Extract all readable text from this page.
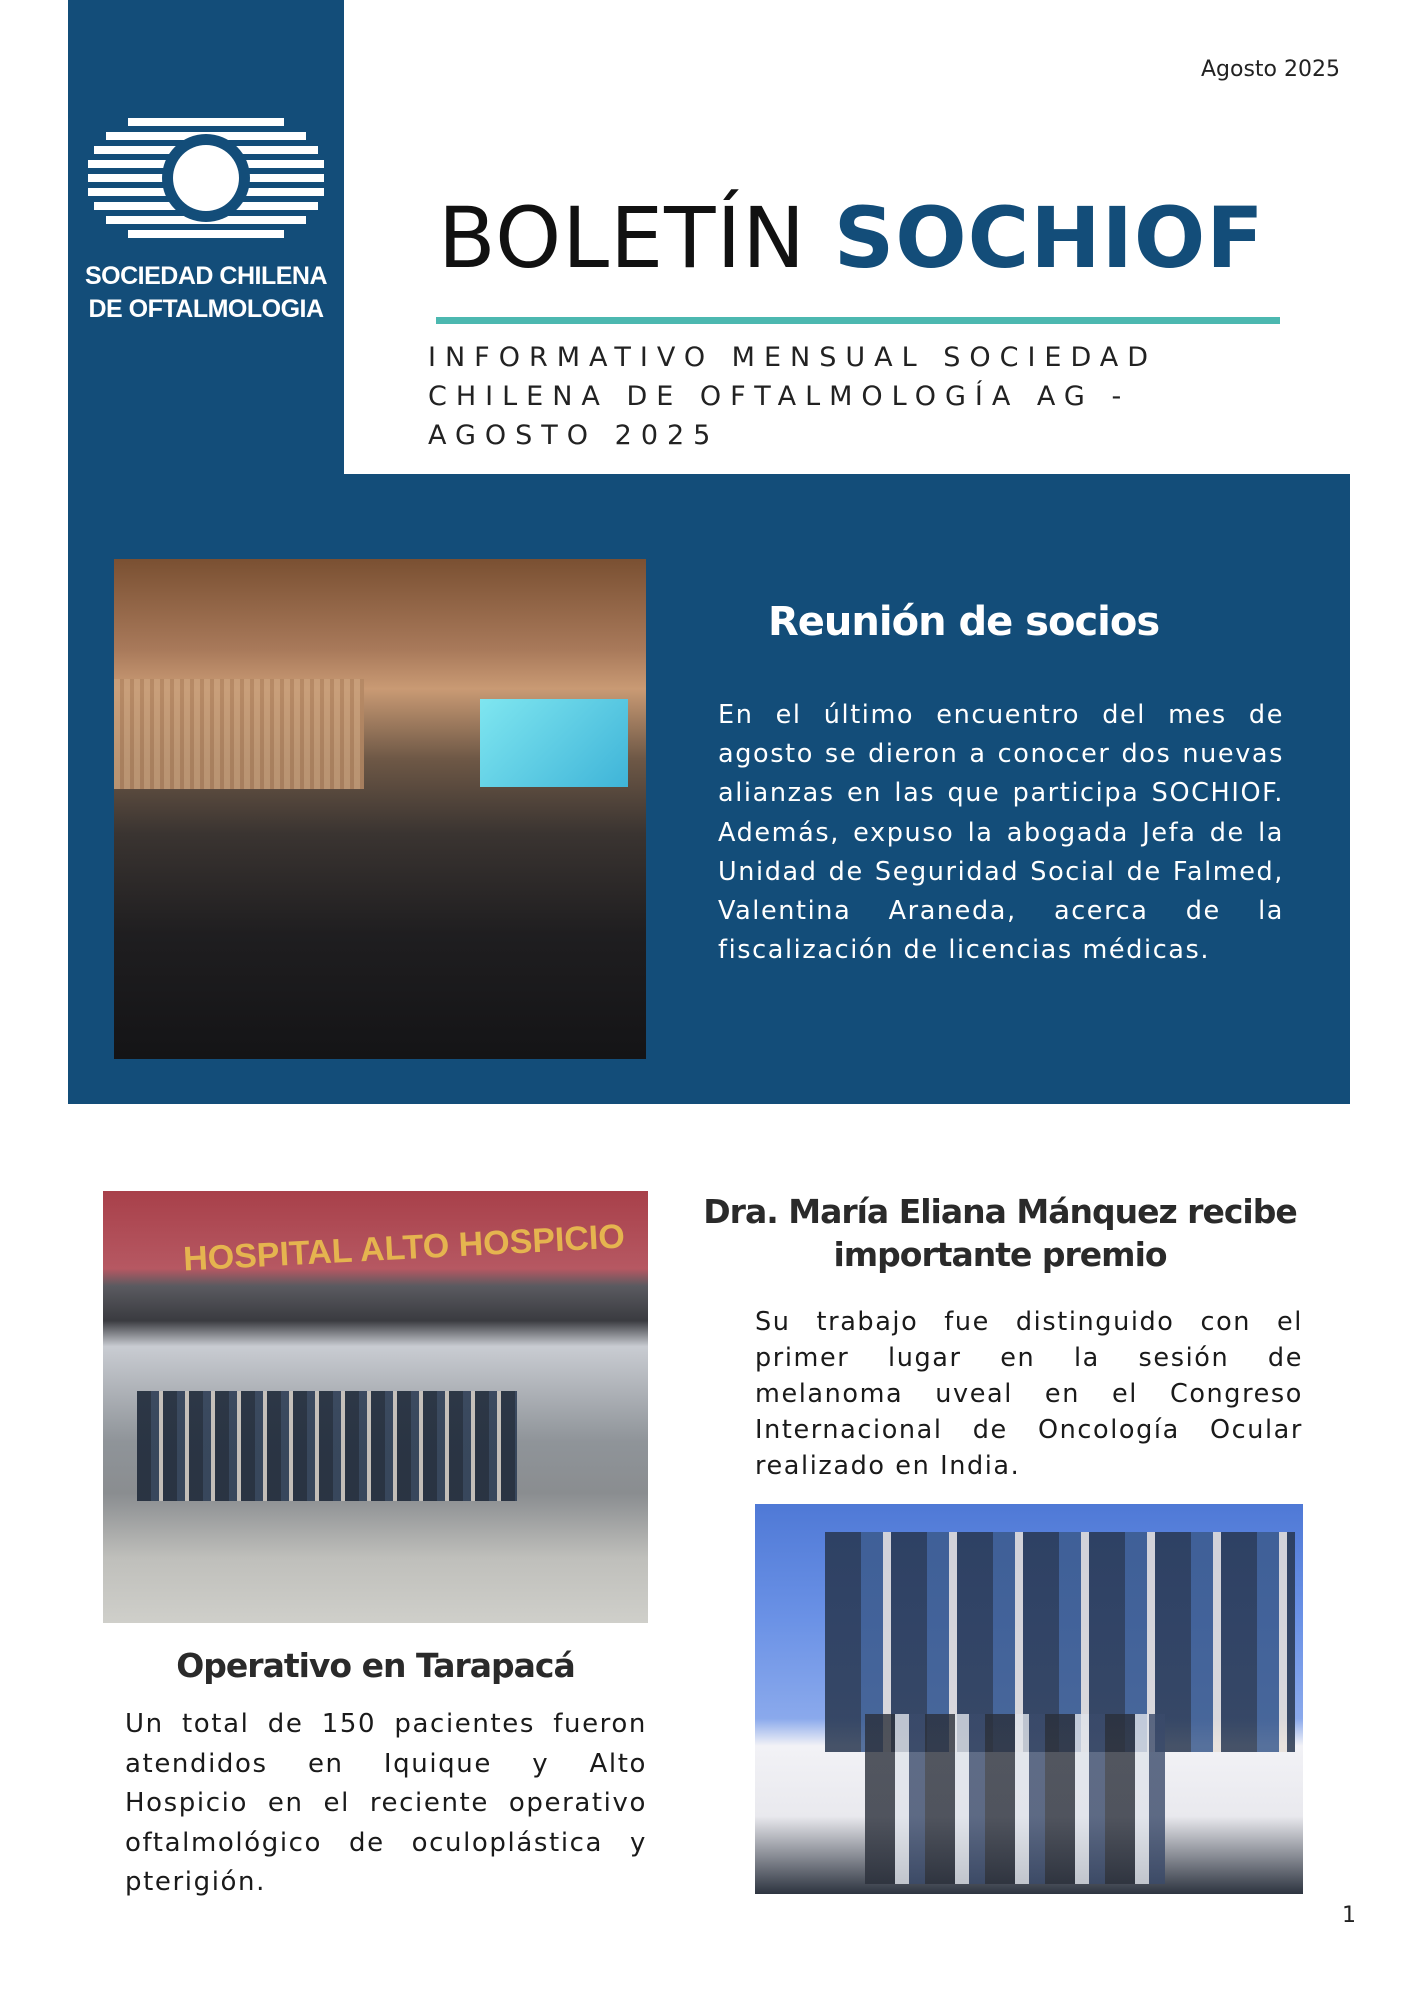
SOCIEDAD CHILENA
DE OFTALMOLOGIA
Agosto 2025
BOLETÍN SOCHIOF
INFORMATIVO MENSUAL SOCIEDAD CHILENA DE OFTALMOLOGÍA AG - AGOSTO 2025
Reunión de socios
En el último encuentro del mes de agosto se dieron a conocer dos nuevas alianzas en las que participa SOCHIOF. Además, expuso la abogada Jefa de la Unidad de Seguridad Social de Falmed, Valentina Araneda, acerca de la fiscalización de licencias médicas.
HOSPITAL ALTO HOSPICIO
Operativo en Tarapacá
Un total de 150 pacientes fueron atendidos en Iquique y Alto Hospicio en el reciente operativo oftalmológico de oculoplástica y pterigión.
Dra. María Eliana Mánquez recibe importante premio
Su trabajo fue distinguido con el primer lugar en la sesión de melanoma uveal en el Congreso Internacional de Oncología Ocular realizado en India.
1
